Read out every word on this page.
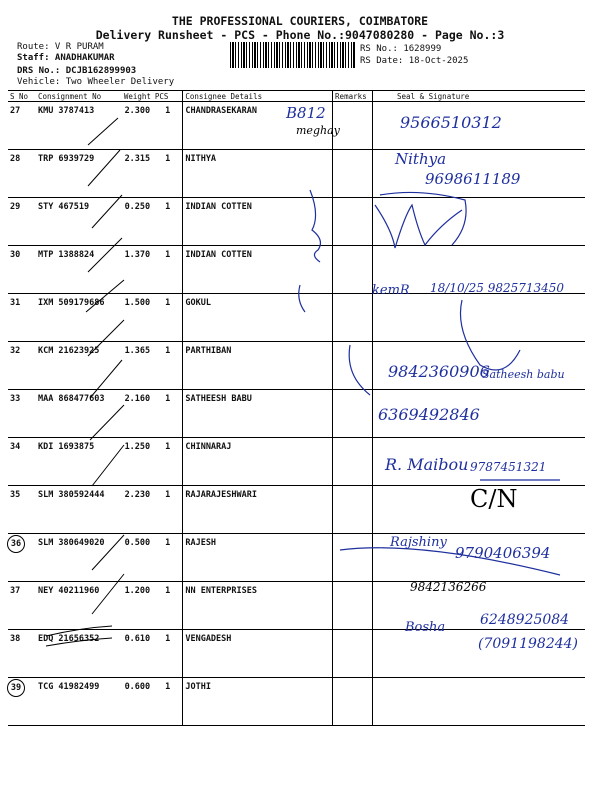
THE PROFESSIONAL COURIERS, COIMBATORE
Delivery Runsheet - PCS - Phone No.:9047080280 - Page No.:3
Route: V R PURAM
Staff: ANADHAKUMAR
DRS No.: DCJB162899903
Vehicle: Two Wheeler Delivery
RS No.: 1628999
RS Date: 18-Oct-2025
S No	Consignment No	Weight	PCS	Consignee Details	Remarks	Seal & Signature
27	KMU 3787413	2.300	1	CHANDRASEKARAN		
28	TRP 6939729	2.315	1	NITHYA		
29	STY 467519	0.250	1	INDIAN COTTEN		
30	MTP 1388824	1.370	1	INDIAN COTTEN		
31	IXM 509179686	1.500	1	GOKUL		
32	KCM 21623925	1.365	1	PARTHIBAN		
33	MAA 868477603	2.160	1	SATHEESH BABU		
34	KDI 1693875	1.250	1	CHINNARAJ		
35	SLM 380592444	2.230	1	RAJARAJESHWARI		
36	SLM 380649020	0.500	1	RAJESH		
37	NEY 40211960	1.200	1	NN ENTERPRISES		
38	EDQ 21656352	0.610	1	VENGADESH		
39	TCG 41982499	0.600	1	JOTHI		
B812
meghay	9566510312
Nithya
9698611189
kemR 18/10/25 9825713450
9842360906
Satheesh babu
6369492846
R. Maibou 9787451321
C/N
Rajshiny
9790406394
9842136266
Bosha 6248925084
(7091198244)
